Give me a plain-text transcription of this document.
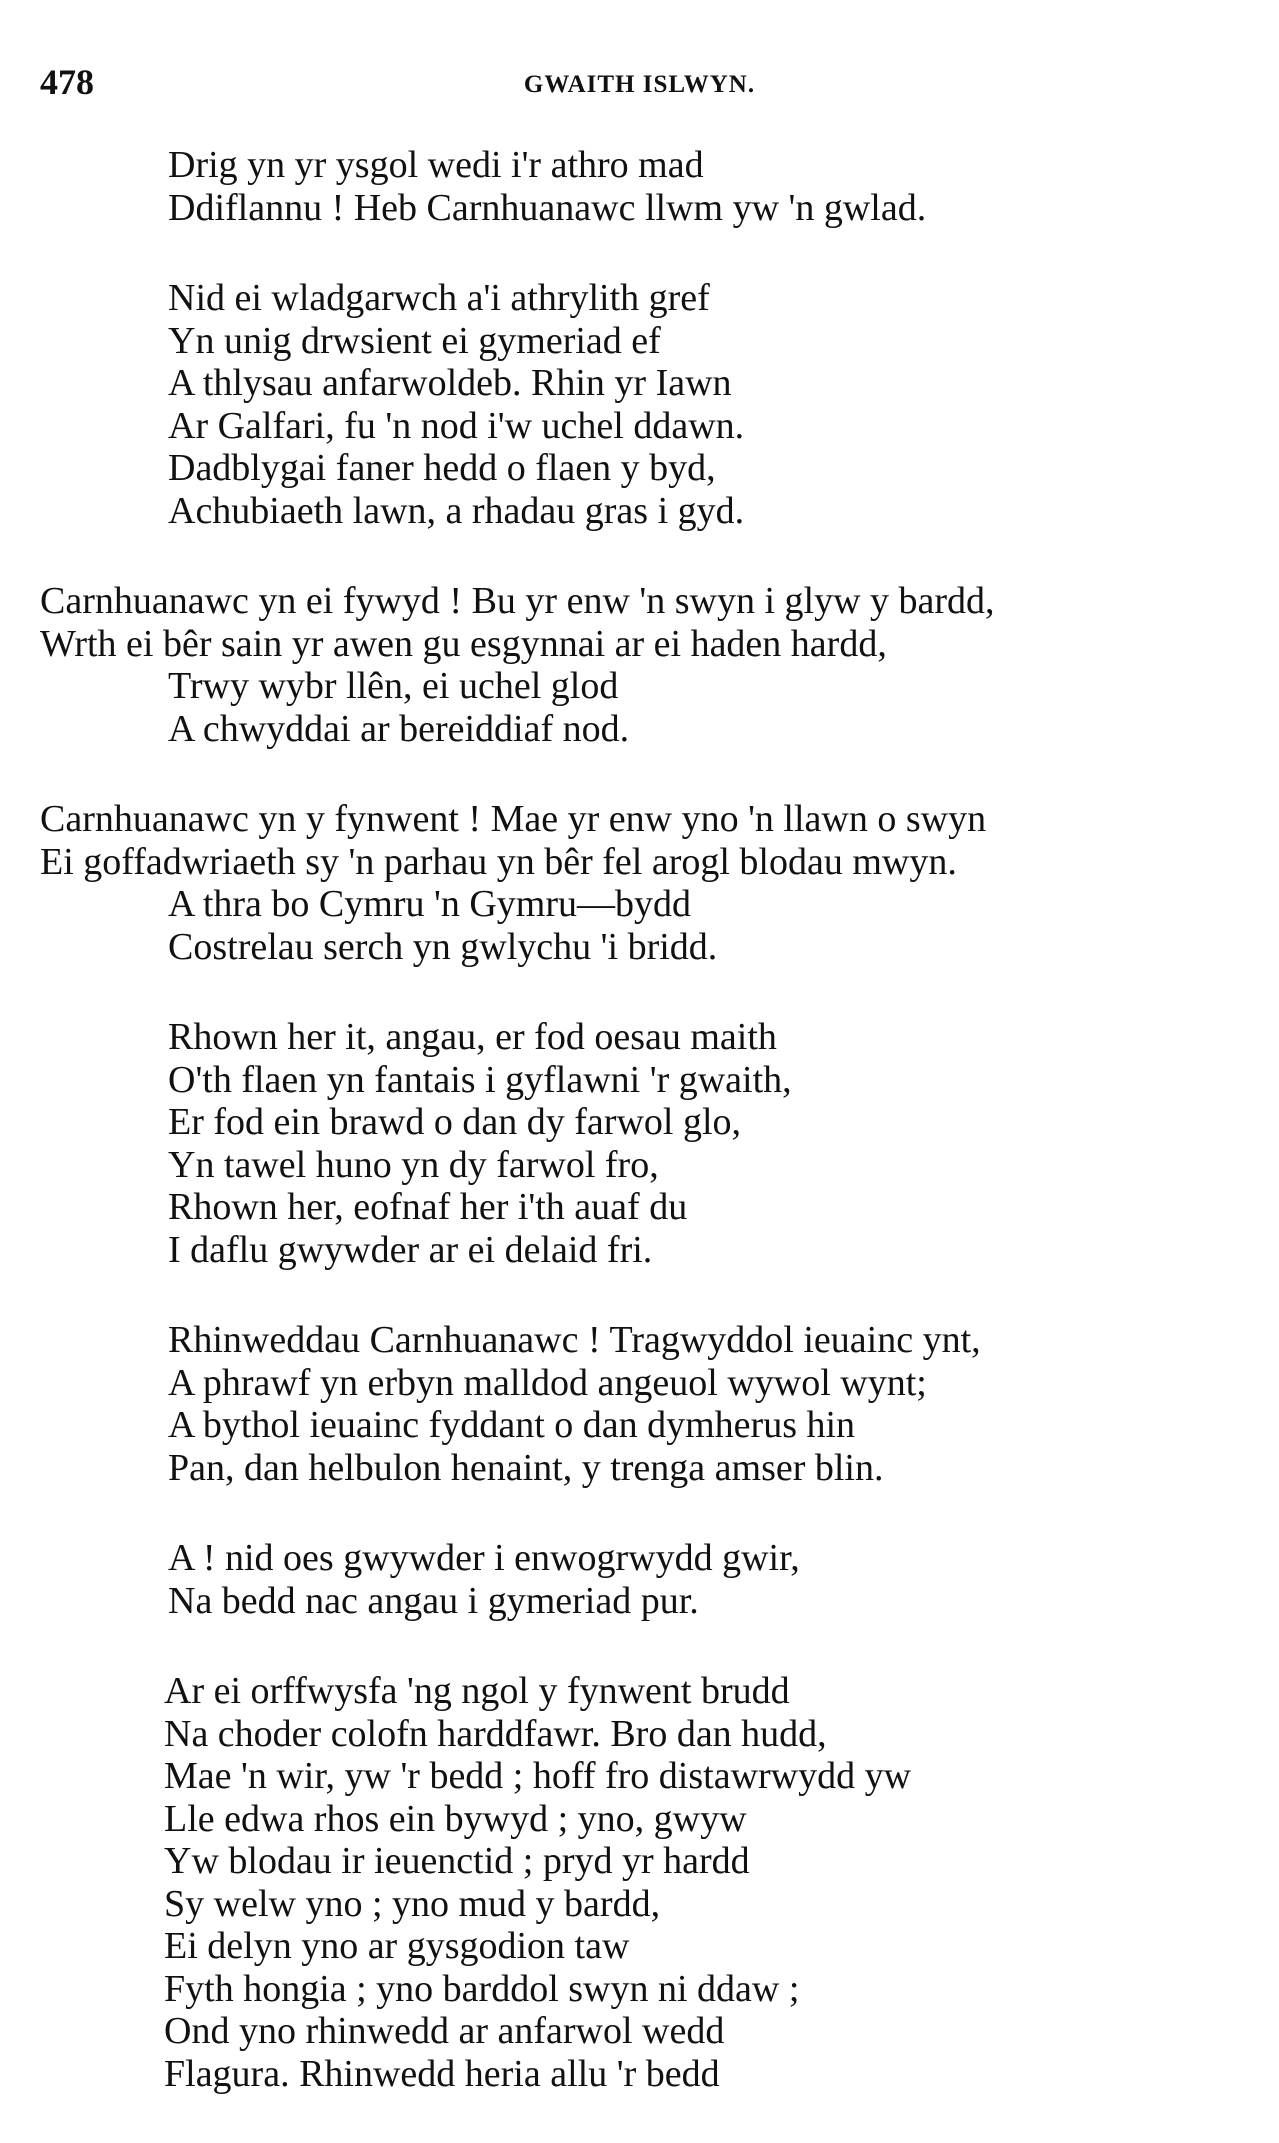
478	GWAITH ISLWYN.
Drig yn yr ysgol wedi i'r athro mad
Ddiflannu ! Heb Carnhuanawc llwm yw 'n gwlad.
Nid ei wladgarwch a'i athrylith gref
Yn unig drwsient ei gymeriad ef
A thlysau anfarwoldeb. Rhin yr Iawn
Ar Galfari, fu 'n nod i'w uchel ddawn.
Dadblygai faner hedd o flaen y byd,
Achubiaeth lawn, a rhadau gras i gyd.
Carnhuanawc yn ei fywyd ! Bu yr enw 'n swyn i glyw y bardd,
Wrth ei bêr sain yr awen gu esgynnai ar ei haden hardd,
Trwy wybr llên, ei uchel glod
A chwyddai ar bereiddiaf nod.
Carnhuanawc yn y fynwent ! Mae yr enw yno 'n llawn o swyn
Ei goffadwriaeth sy 'n parhau yn bêr fel arogl blodau mwyn.
A thra bo Cymru 'n Gymru—bydd
Costrelau serch yn gwlychu 'i bridd.
Rhown her it, angau, er fod oesau maith
O'th flaen yn fantais i gyflawni 'r gwaith,
Er fod ein brawd o dan dy farwol glo,
Yn tawel huno yn dy farwol fro,
Rhown her, eofnaf her i'th auaf du
I daflu gwywder ar ei delaid fri.
Rhinweddau Carnhuanawc ! Tragwyddol ieuainc ynt,
A phrawf yn erbyn malldod angeuol wywol wynt;
A bythol ieuainc fyddant o dan dymherus hin
Pan, dan helbulon henaint, y trenga amser blin.
A ! nid oes gwywder i enwogrwydd gwir,
Na bedd nac angau i gymeriad pur.
Ar ei orffwysfa 'ng ngol y fynwent brudd
Na choder colofn harddfawr. Bro dan hudd,
Mae 'n wir, yw 'r bedd ; hoff fro distawrwydd yw
Lle edwa rhos ein bywyd ; yno, gwyw
Yw blodau ir ieuenctid ; pryd yr hardd
Sy welw yno ; yno mud y bardd,
Ei delyn yno ar gysgodion taw
Fyth hongia ; yno barddol swyn ni ddaw ;
Ond yno rhinwedd ar anfarwol wedd
Flagura. Rhinwedd heria allu 'r bedd
